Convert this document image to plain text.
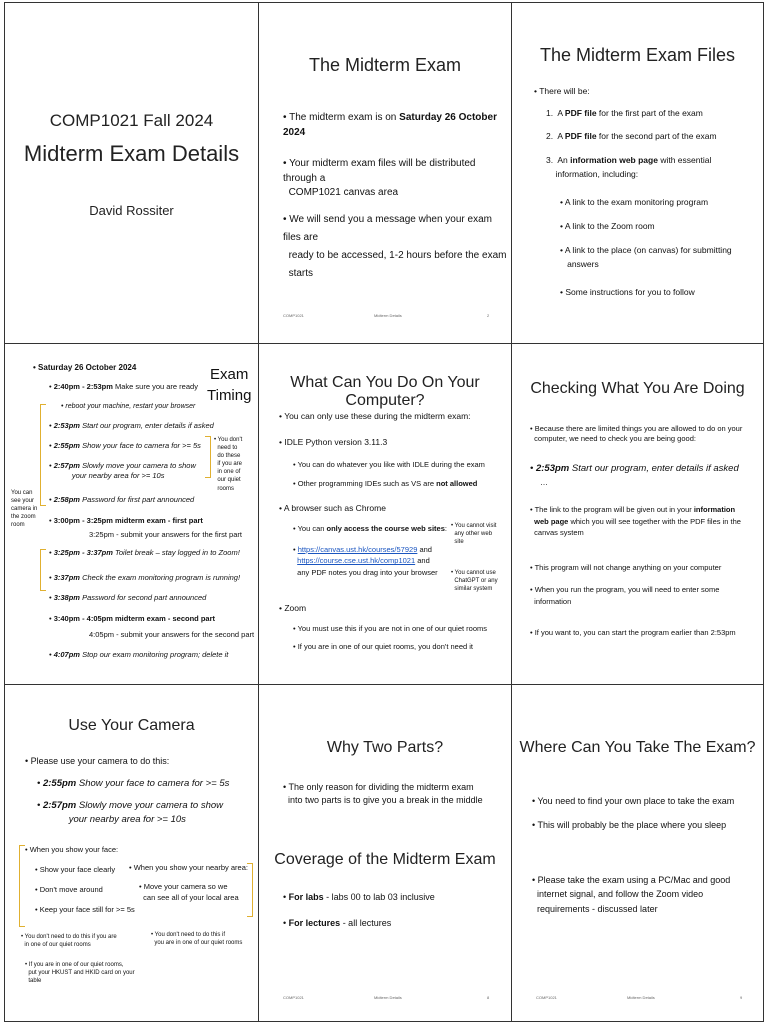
COMP1021 Fall 2024
Midterm Exam Details
David Rossiter
The Midterm Exam
• The midterm exam is on Saturday 26 October 2024
• Your midterm exam files will be distributed through a
COMP1021 canvas area
• We will send you a message when your exam files are
ready to be accessed, 1-2 hours before the exam
starts
COMP1021	Midterm Details	2
The Midterm Exam Files
• There will be:
1.  A PDF file for the first part of the exam
2.  A PDF file for the second part of the exam
3.  An information web page with essential
information, including:
• A link to the exam monitoring program
• A link to the Zoom room
• A link to the place (on canvas) for submitting
answers
• Some instructions for you to follow
• Saturday 26 October 2024	Exam
Timing
• 2:40pm - 2:53pm Make sure you are ready
• reboot your machine, restart your browser
• 2:53pm Start our program, enter details if asked
• 2:55pm Show your face to camera for >= 5s
• 2:57pm Slowly move your camera to show
your nearby area for >= 10s
• 2:58pm Password for first part announced
• 3:00pm - 3:25pm midterm exam - first part
3:25pm - submit your answers for the first part
• 3:25pm - 3:37pm Toilet break – stay logged in to Zoom!
• 3:37pm Check the exam monitoring program is running!
• 3:38pm Password for second part announced
• 3:40pm - 4:05pm midterm exam - second part
4:05pm - submit your answers for the second part
• 4:07pm Stop our exam monitoring program; delete it
• You don't
need to
do these
if you are
in one of
our quiet
rooms
You can
see your
camera in
the zoom
room
What Can You Do On Your Computer?
• You can only use these during the midterm exam:
• IDLE Python version 3.11.3
• You can do whatever you like with IDLE during the exam
• Other programming IDEs such as VS are not allowed
• A browser such as Chrome
• You can only access the course web sites:
• https://canvas.ust.hk/courses/57929 and
https://course.cse.ust.hk/comp1021 and
any PDF notes you drag into your browser
• You cannot visit
any other web
site
• You cannot use
ChatGPT or any
similar system
• Zoom
• You must use this if you are not in one of our quiet rooms
• If you are in one of our quiet rooms, you don't need it
Checking What You Are Doing
• Because there are limited things you are allowed to do on your
computer, we need to check you are being good:
• 2:53pm Start our program, enter details if asked
…
• The link to the program will be given out in your information
web page which you will see together with the PDF files in the
canvas system
• This program will not change anything on your computer
• When you run the program, you will need to enter some
information
• If you want to, you can start the program earlier than 2:53pm
Use Your Camera
• Please use your camera to do this:
• 2:55pm Show your face to camera for >= 5s
• 2:57pm Slowly move your camera to show
your nearby area for >= 10s
• When you show your face:
• Show your face clearly
• Don't move around
• Keep your face still for >= 5s
• When you show your nearby area:
• Move your camera so we
can see all of your local area
• You don't need to do this if you are
in one of our quiet rooms
• You don't need to do this if
you are in one of our quiet rooms
• If you are in one of our quiet rooms,
put your HKUST and HKID card on your
table
Why Two Parts?
• The only reason for dividing the midterm exam
into two parts is to give you a break in the middle
Coverage of the Midterm Exam
• For labs - labs 00 to lab 03 inclusive
• For lectures - all lectures
COMP1021	Midterm Details	8
Where Can You Take The Exam?
• You need to find your own place to take the exam
• This will probably be the place where you sleep
• Please take the exam using a PC/Mac and good
internet signal, and follow the Zoom video
requirements - discussed later
COMP1021	Midterm Details	9
